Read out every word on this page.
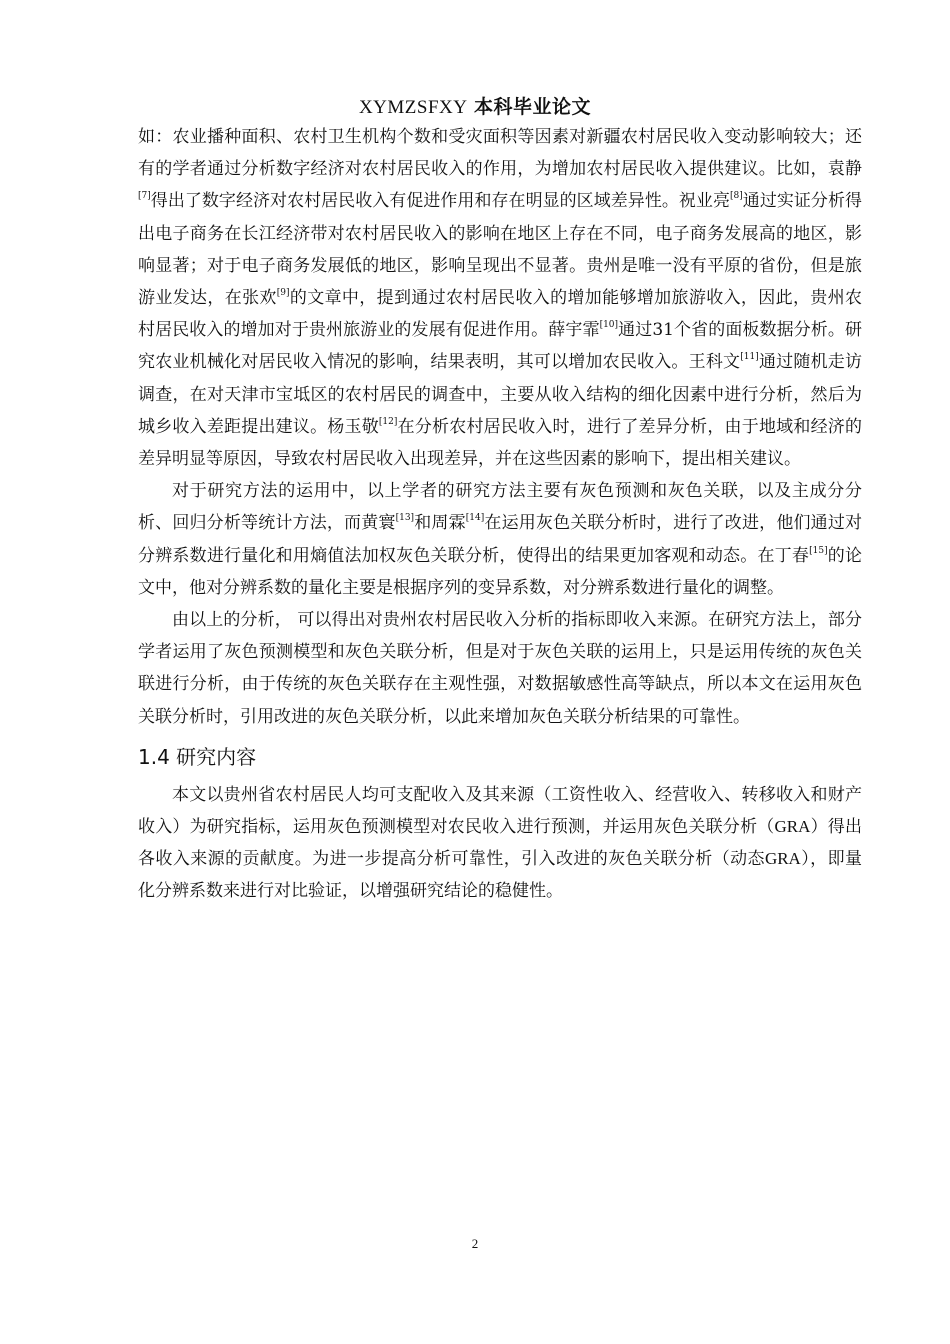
XYMZSFXY 本科毕业论文

如：农业播种面积、农村卫生机构个数和受灾面积等因素对新疆农村居民收入变动影响较大；还有的学者通过分析数字经济对农村居民收入的作用，为增加农村居民收入提供建议。比如，袁静[7]得出了数字经济对农村居民收入有促进作用和存在明显的区域差异性。祝业亮[8]通过实证分析得出电子商务在长江经济带对农村居民收入的影响在地区上存在不同，电子商务发展高的地区，影响显著；对于电子商务发展低的地区，影响呈现出不显著。贵州是唯一没有平原的省份，但是旅游业发达，在张欢[9]的文章中，提到通过农村居民收入的增加能够增加旅游收入，因此，贵州农村居民收入的增加对于贵州旅游业的发展有促进作用。薛宇霏[10]通过31个省的面板数据分析。研究农业机械化对居民收入情况的影响，结果表明，其可以增加农民收入。王科文[11]通过随机走访调查，在对天津市宝坻区的农村居民的调查中，主要从收入结构的细化因素中进行分析，然后为城乡收入差距提出建议。杨玉敬[12]在分析农村居民收入时，进行了差异分析，由于地域和经济的差异明显等原因，导致农村居民收入出现差异，并在这些因素的影响下，提出相关建议。

对于研究方法的运用中，以上学者的研究方法主要有灰色预测和灰色关联，以及主成分分析、回归分析等统计方法，而黄寰[13]和周霖[14]在运用灰色关联分析时，进行了改进，他们通过对分辨系数进行量化和用熵值法加权灰色关联分析，使得出的结果更加客观和动态。在丁春[15]的论文中，他对分辨系数的量化主要是根据序列的变异系数，对分辨系数进行量化的调整。

由以上的分析， 可以得出对贵州农村居民收入分析的指标即收入来源。在研究方法上，部分学者运用了灰色预测模型和灰色关联分析，但是对于灰色关联的运用上，只是运用传统的灰色关联进行分析，由于传统的灰色关联存在主观性强，对数据敏感性高等缺点，所以本文在运用灰色关联分析时，引用改进的灰色关联分析，以此来增加灰色关联分析结果的可靠性。

1.4 研究内容

本文以贵州省农村居民人均可支配收入及其来源（工资性收入、经营收入、转移收入和财产收入）为研究指标，运用灰色预测模型对农民收入进行预测，并运用灰色关联分析（GRA）得出各收入来源的贡献度。为进一步提高分析可靠性，引入改进的灰色关联分析（动态GRA），即量化分辨系数来进行对比验证，以增强研究结论的稳健性。

2
